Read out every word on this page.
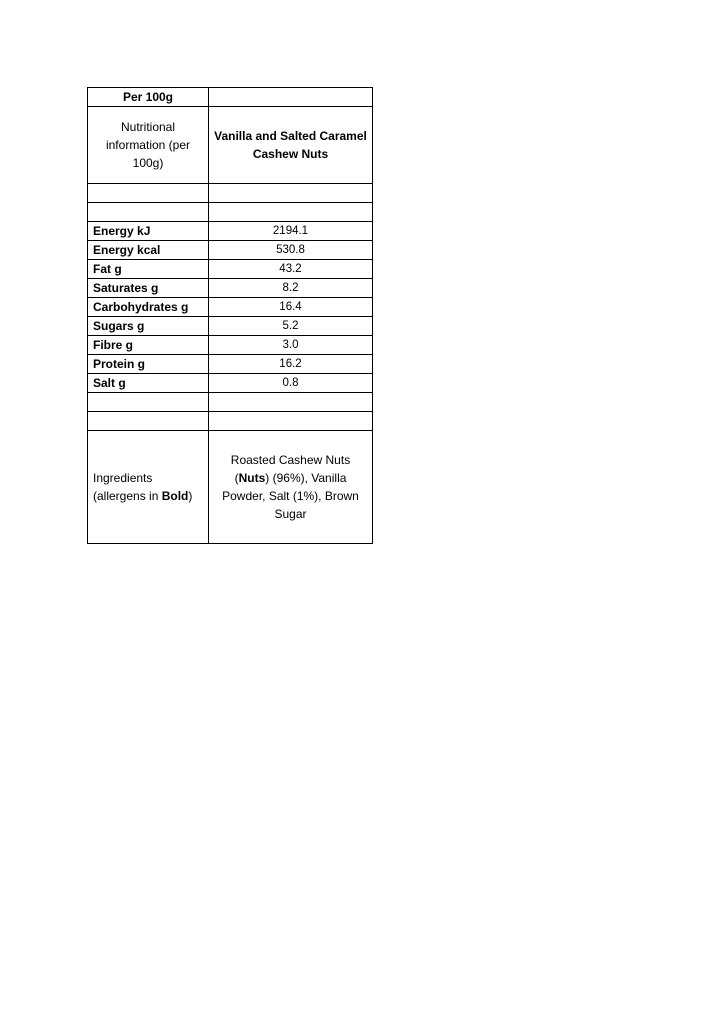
Per 100g	
Nutritional information (per 100g)	Vanilla and Salted Caramel Cashew Nuts

Energy kJ	2194.1
Energy kcal	530.8
Fat g	43.2
Saturates g	8.2
Carbohydrates g	16.4
Sugars g	5.2
Fibre g	3.0
Protein g	16.2
Salt g	0.8

Ingredients (allergens in Bold)	Roasted Cashew Nuts (Nuts) (96%), Vanilla Powder, Salt (1%), Brown Sugar
